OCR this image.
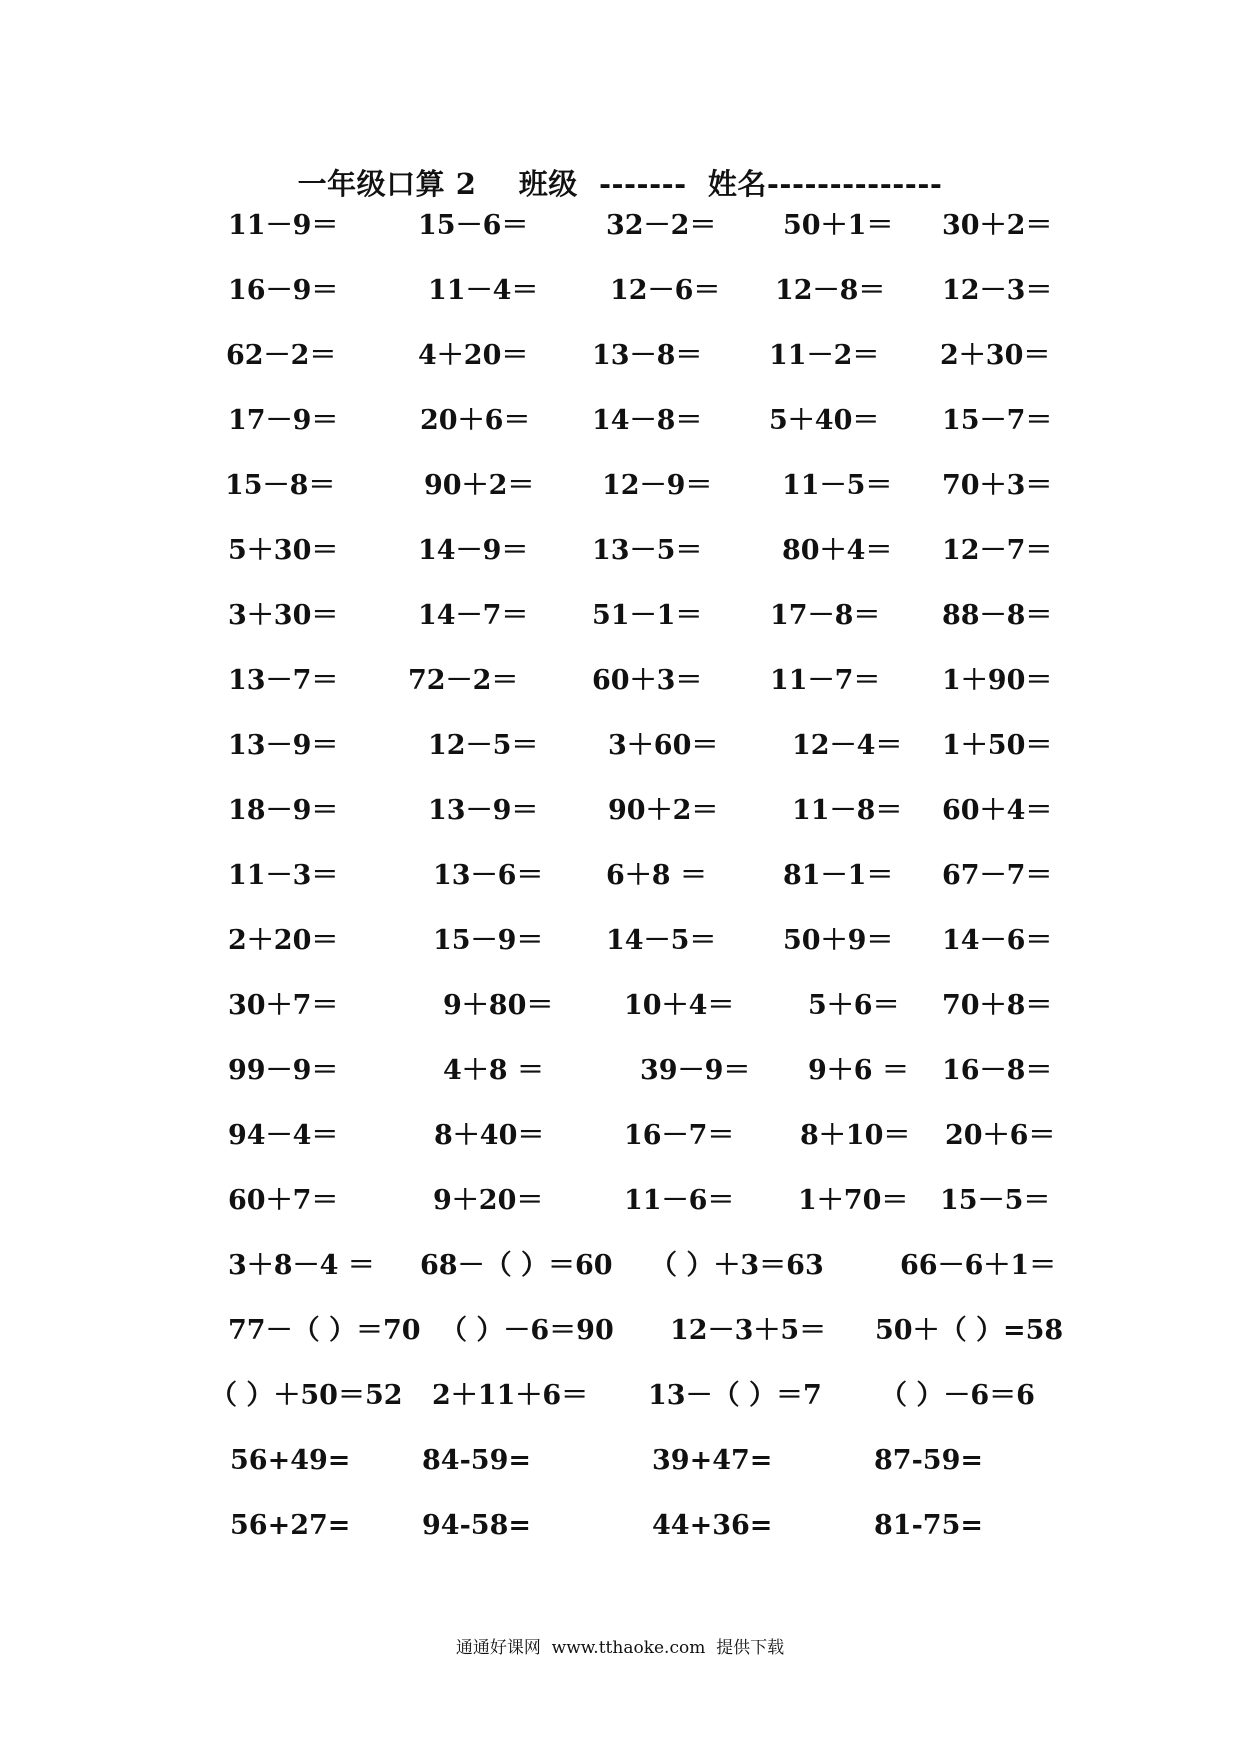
一年级口算 2    班级  -------  姓名--------------
11－9＝	15－6＝	32－2＝ 50＋1＝ 30＋2＝
16－9＝	11－4＝	12－6＝ 12－8＝ 12－3＝
62－2＝	4＋20＝ 13－8＝ 11－2＝ 2＋30＝
17－9＝	20＋6＝ 14－8＝ 5＋40＝ 15－7＝
15－8＝	90＋2＝	12－9＝	11－5＝ 70＋3＝
5＋30＝	14－9＝ 13－5＝	80＋4＝ 12－7＝
3＋30＝	14－7＝ 51－1＝	17－8＝ 88－8＝
13－7＝	72－2＝	60＋3＝	11－7＝ 1＋90＝
13－9＝	12－5＝	3＋60＝	12－4＝ 1＋50＝
18－9＝	13－9＝	90＋2＝	11－8＝ 60＋4＝
11－3＝	13－6＝ 6＋8 ＝	81－1＝ 67－7＝
2＋20＝	15－9＝ 14－5＝ 50＋9＝ 14－6＝
30＋7＝	9＋80＝	10＋4＝	5＋6＝ 70＋8＝
99－9＝	4＋8 ＝	39－9＝ 9＋6 ＝ 16－8＝
94－4＝	8＋40＝	16－7＝ 8＋10＝ 20＋6＝
60＋7＝	9＋20＝	11－6＝ 1＋70＝ 15－5＝
3＋8－4 ＝ 68－（ ）＝60 （ ）＋3＝63	66－6＋1＝
77－（ ）＝70 （ ）－6＝90 12－3＋5＝ 50＋（ ）=58
（ ）＋50＝52 2＋11＋6＝ 13－（ ）＝7 （ ）－6＝6
56+49=	84-59=	39+47=	87-59=
56+27=	94-58=	44+36=	81-75=
通通好课网  www.tthaoke.com  提供下载
